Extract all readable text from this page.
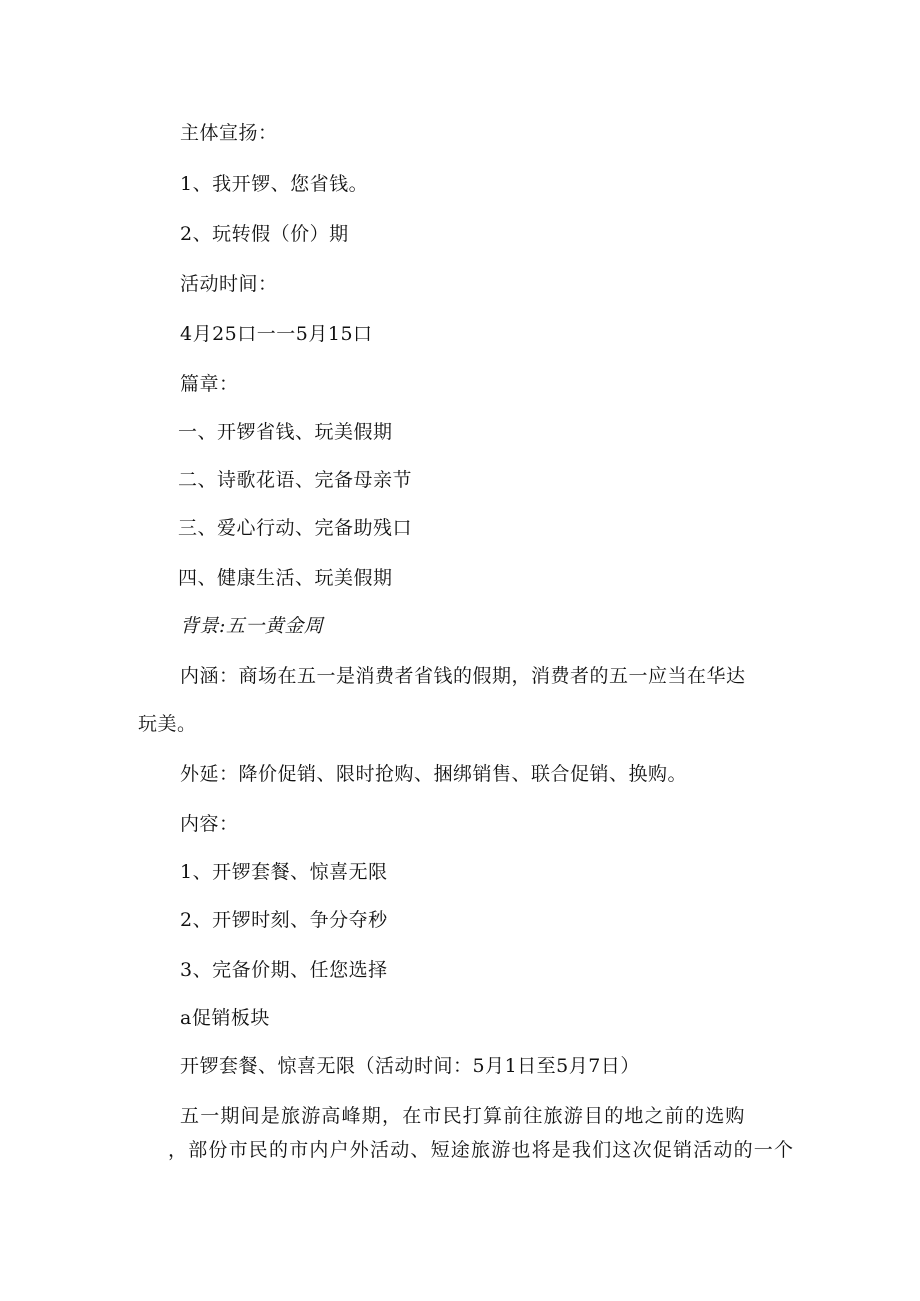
主体宣扬：
1、我开锣、您省钱。
2、玩转假（价）期
活动时间：
4月25口一一5月15口
篇章：
一、开锣省钱、玩美假期
二、诗歌花语、完备母亲节
三、爱心行动、完备助残口
四、健康生活、玩美假期
背景:五一黄金周
内涵：商场在五一是消费者省钱的假期，消费者的五一应当在华达
玩美。
外延：降价促销、限时抢购、捆绑销售、联合促销、换购。
内容：
1、开锣套餐、惊喜无限
2、开锣时刻、争分夺秒
3、完备价期、任您选择
a促销板块
开锣套餐、惊喜无限（活动时间：5月1日至5月7日）
五一期间是旅游高峰期，在市民打算前往旅游目的地之前的选购
，部份市民的市内户外活动、短途旅游也将是我们这次促销活动的一个
